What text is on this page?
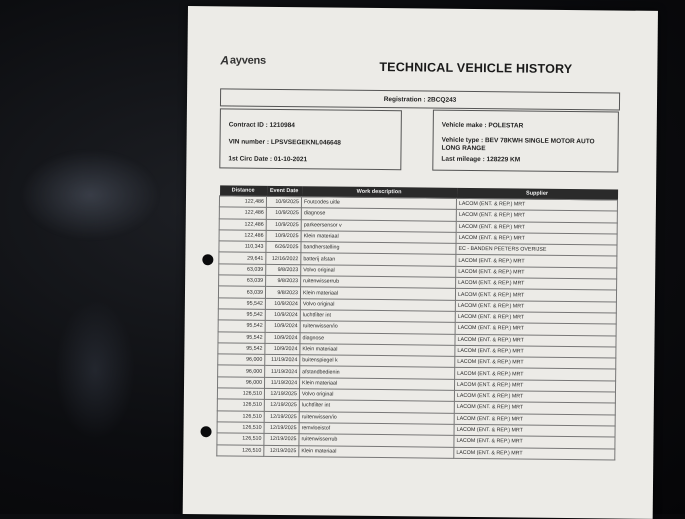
A ayvens	TECHNICAL VEHICLE HISTORY
Registration : 2BCQ243
Contract ID : 1210984
VIN number : LPSVSEGEKNL046648
1st Circ Date : 01-10-2021
Vehicle make : POLESTAR
Vehicle type : BEV 78KWH SINGLE MOTOR AUTO
LONG RANGE
Last mileage : 128229 KM
Distance	Event Date	Work description	Supplier
122,486	10/9/2025	Foutcodes uitle	LACOM (ENT. & REP.) MRT
122,486	10/9/2025	diagnose	LACOM (ENT. & REP.) MRT
122,486	10/9/2025	parkeersensor v	LACOM (ENT. & REP.) MRT
122,486	10/9/2025	Klein materiaal	LACOM (ENT. & REP.) MRT
110,343	6/26/2025	bandherstelling	EC - BANDEN PEETERS OVERIJSE
29,641	12/16/2022	batterij afstan	LACOM (ENT. & REP.) MRT
63,039	9/8/2023	Volvo original	LACOM (ENT. & REP.) MRT
63,039	9/8/2023	ruitenwisserrub	LACOM (ENT. & REP.) MRT
63,039	9/8/2023	Klein materiaal	LACOM (ENT. & REP.) MRT
95,542	10/9/2024	Volvo original	LACOM (ENT. & REP.) MRT
95,542	10/9/2024	luchtfilter int	LACOM (ENT. & REP.) MRT
95,542	10/9/2024	ruitenwissen/io	LACOM (ENT. & REP.) MRT
95,542	10/9/2024	diagnose	LACOM (ENT. & REP.) MRT
95,542	10/9/2024	Klein materiaal	LACOM (ENT. & REP.) MRT
96,000	11/19/2024	buitenspiegel k	LACOM (ENT. & REP.) MRT
96,000	11/19/2024	afstandbedienin	LACOM (ENT. & REP.) MRT
96,000	11/19/2024	Klein materiaal	LACOM (ENT. & REP.) MRT
126,510	12/19/2025	Volvo original	LACOM (ENT. & REP.) MRT
126,510	12/19/2025	luchtfilter int	LACOM (ENT. & REP.) MRT
126,510	12/19/2025	ruitenwissen/io	LACOM (ENT. & REP.) MRT
126,510	12/19/2025	remvloeistof	LACOM (ENT. & REP.) MRT
126,510	12/19/2025	ruitenwisserrub	LACOM (ENT. & REP.) MRT
126,510	12/19/2025	Klein materiaal	LACOM (ENT. & REP.) MRT
